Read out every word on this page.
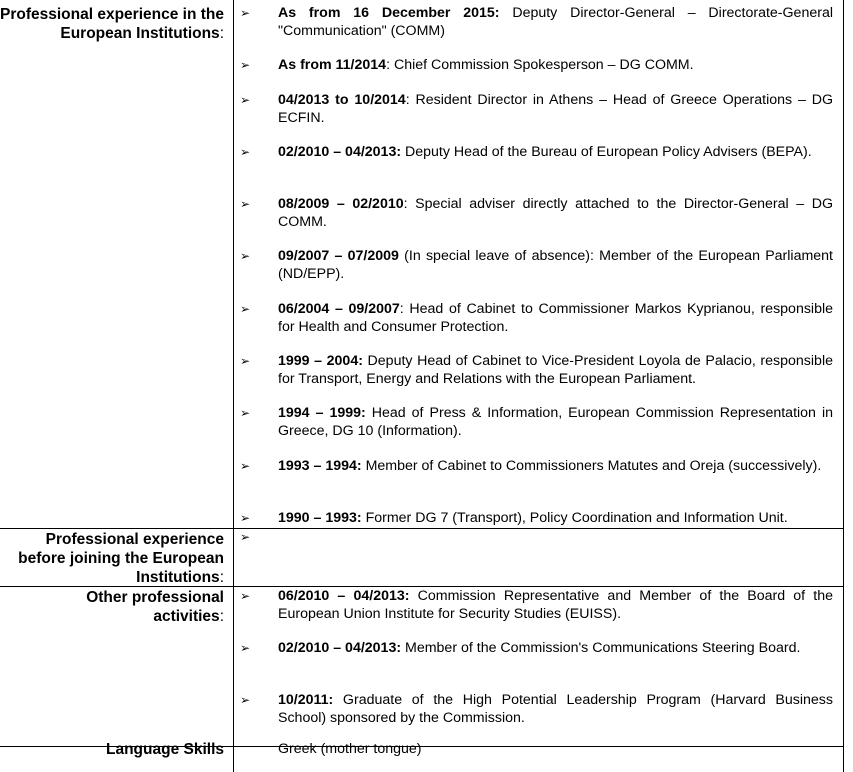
Professional experience in the European Institutions:
➢ As from 16 December 2015: Deputy Director-General – Directorate-General "Communication" (COMM)
➢ As from 11/2014: Chief Commission Spokesperson – DG COMM.
➢ 04/2013 to 10/2014: Resident Director in Athens – Head of Greece Operations – DG ECFIN.
➢ 02/2010 – 04/2013: Deputy Head of the Bureau of European Policy Advisers (BEPA).
➢ 08/2009 – 02/2010: Special adviser directly attached to the Director-General – DG COMM.
➢ 09/2007 – 07/2009 (In special leave of absence): Member of the European Parliament (ND/EPP).
➢ 06/2004 – 09/2007: Head of Cabinet to Commissioner Markos Kyprianou, responsible for Health and Consumer Protection.
➢ 1999 – 2004: Deputy Head of Cabinet to Vice-President Loyola de Palacio, responsible for Transport, Energy and Relations with the European Parliament.
➢ 1994 – 1999: Head of Press & Information, European Commission Representation in Greece, DG 10 (Information).
➢ 1993 – 1994: Member of Cabinet to Commissioners Matutes and Oreja (successively).
➢ 1990 – 1993: Former DG 7 (Transport), Policy Coordination and Information Unit.
Professional experience before joining the European Institutions:
➢
Other professional activities:
➢ 06/2010 – 04/2013: Commission Representative and Member of the Board of the European Union Institute for Security Studies (EUISS).
➢ 02/2010 – 04/2013: Member of the Commission's Communications Steering Board.
➢ 10/2011: Graduate of the High Potential Leadership Program (Harvard Business School) sponsored by the Commission.
Language Skills	Greek (mother tongue)
